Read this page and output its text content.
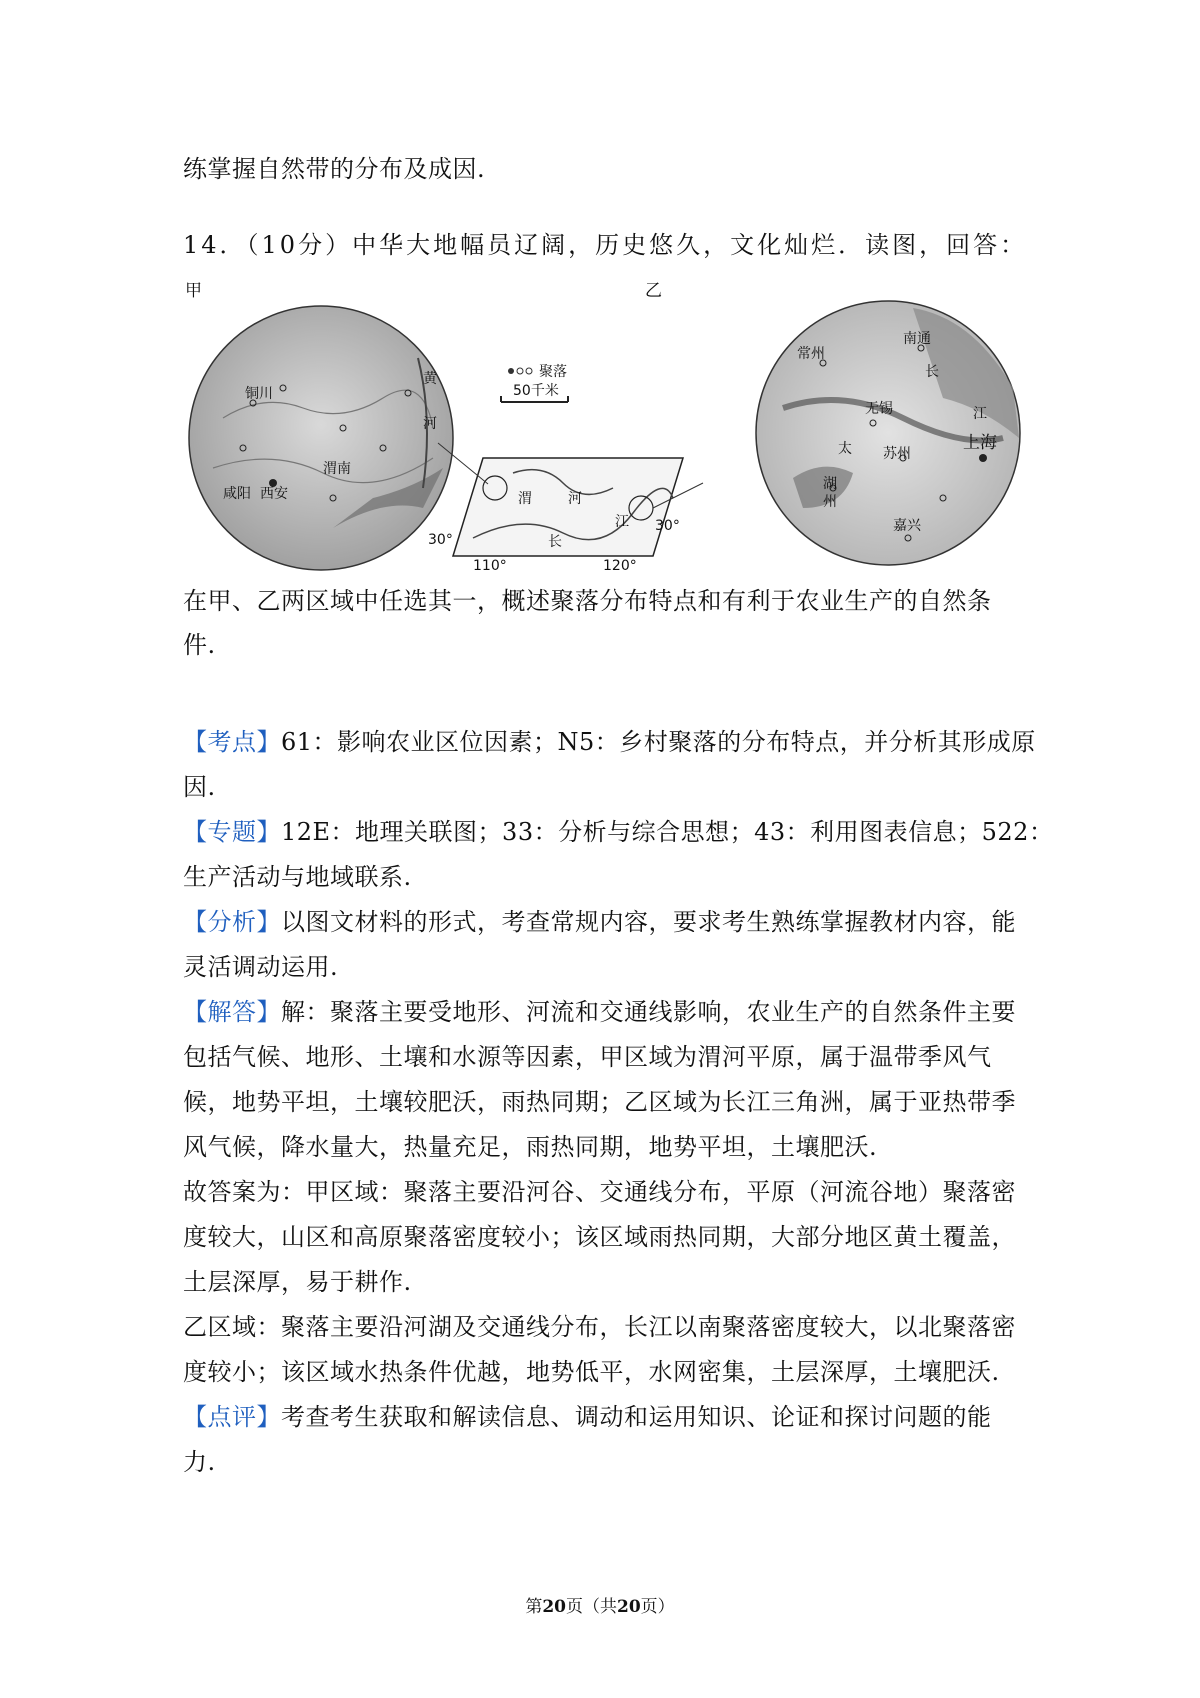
练掌握自然带的分布及成因.
14．（10分）中华大地幅员辽阔，历史悠久，文化灿烂．读图，回答：
甲
铜川
渭南
咸阳 西安
黄
河
聚落
50千米
渭	河
长
江
30°
30°
110°	120°
乙
南通
常州
长
江
无锡
太 苏州
上海
湖
州
嘉兴
在甲、乙两区域中任选其一，概述聚落分布特点和有利于农业生产的自然条
件.
【考点】61：影响农业区位因素；N5：乡村聚落的分布特点，并分析其形成原
因.
【专题】12E：地理关联图；33：分析与综合思想；43：利用图表信息；522：
生产活动与地域联系.
【分析】以图文材料的形式，考查常规内容，要求考生熟练掌握教材内容，能
灵活调动运用.
【解答】解：聚落主要受地形、河流和交通线影响，农业生产的自然条件主要
包括气候、地形、土壤和水源等因素，甲区域为渭河平原，属于温带季风气
候，地势平坦，土壤较肥沃，雨热同期；乙区域为长江三角洲，属于亚热带季
风气候，降水量大，热量充足，雨热同期，地势平坦，土壤肥沃.
故答案为：甲区域：聚落主要沿河谷、交通线分布，平原（河流谷地）聚落密
度较大，山区和高原聚落密度较小；该区域雨热同期，大部分地区黄土覆盖，
土层深厚，易于耕作.
乙区域：聚落主要沿河湖及交通线分布，长江以南聚落密度较大，以北聚落密
度较小；该区域水热条件优越，地势低平，水网密集，土层深厚，土壤肥沃.
【点评】考查考生获取和解读信息、调动和运用知识、论证和探讨问题的能
力.
第20页（共20页）
